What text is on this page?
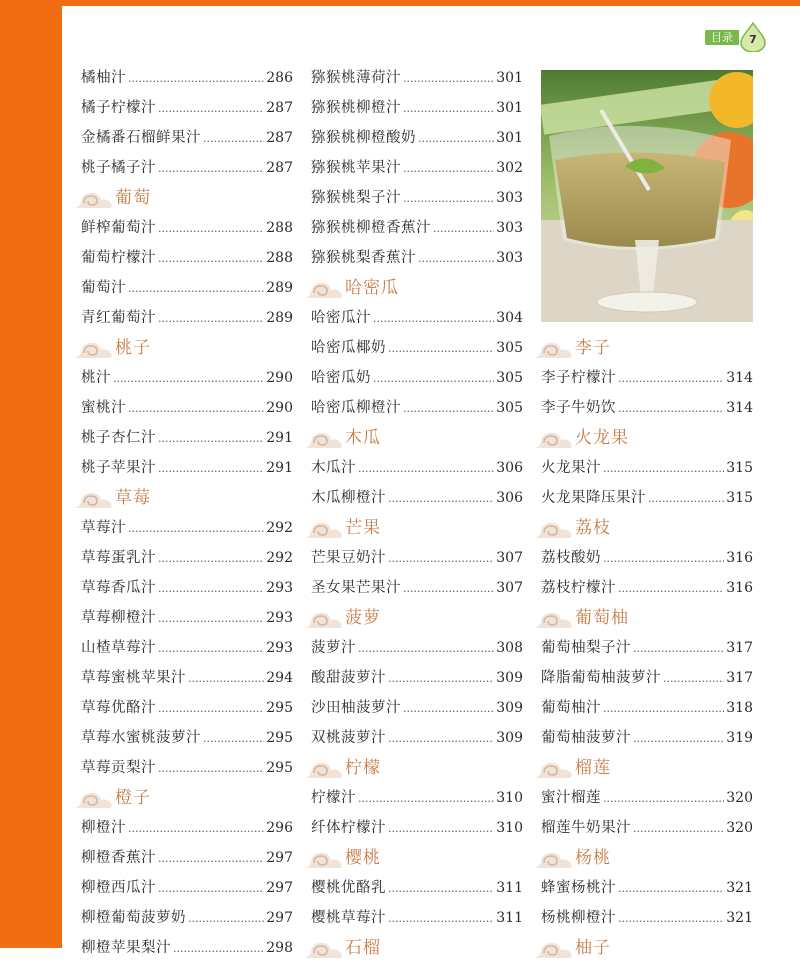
目录	7
橘柚汁 .....	286
橘子柠檬汁 .....	287
金橘番石榴鲜果汁 .....	287
桃子橘子汁 .....	287
葡萄
鲜榨葡萄汁 .....	288
葡萄柠檬汁 .....	288
葡萄汁 .....	289
青红葡萄汁 .....	289
桃子
桃汁 .....	290
蜜桃汁 .....	290
桃子杏仁汁 .....	291
桃子苹果汁 .....	291
草莓
草莓汁 .....	292
草莓蛋乳汁 .....	292
草莓香瓜汁 .....	293
草莓柳橙汁 .....	293
山楂草莓汁 .....	293
草莓蜜桃苹果汁 .....	294
草莓优酪汁 .....	295
草莓水蜜桃菠萝汁 .....	295
草莓贡梨汁 .....	295
橙子
柳橙汁 .....	296
柳橙香蕉汁 .....	297
柳橙西瓜汁 .....	297
柳橙葡萄菠萝奶 .....	297
柳橙苹果梨汁 .....	298
猕猴桃薄荷汁 .....	301
猕猴桃柳橙汁 .....	301
猕猴桃柳橙酸奶 .....	301
猕猴桃苹果汁 .....	302
猕猴桃梨子汁 .....	303
猕猴桃柳橙香蕉汁 .....	303
猕猴桃梨香蕉汁 .....	303
哈密瓜
哈密瓜汁 .....	304
哈密瓜椰奶 .....	305
哈密瓜奶 .....	305
哈密瓜柳橙汁 .....	305
木瓜
木瓜汁 .....	306
木瓜柳橙汁 .....	306
芒果
芒果豆奶汁 .....	307
圣女果芒果汁 .....	307
菠萝
菠萝汁 .....	308
酸甜菠萝汁 .....	309
沙田柚菠萝汁 .....	309
双桃菠萝汁 .....	309
柠檬
柠檬汁 .....	310
纤体柠檬汁 .....	310
樱桃
樱桃优酪乳 .....	311
樱桃草莓汁 .....	311
石榴
李子
李子柠檬汁 .....	314
李子牛奶饮 .....	314
火龙果
火龙果汁 .....	315
火龙果降压果汁 .....	315
荔枝
荔枝酸奶 .....	316
荔枝柠檬汁 .....	316
葡萄柚
葡萄柚梨子汁 .....	317
降脂葡萄柚菠萝汁 .....	317
葡萄柚汁 .....	318
葡萄柚菠萝汁 .....	319
榴莲
蜜汁榴莲 .....	320
榴莲牛奶果汁 .....	320
杨桃
蜂蜜杨桃汁 .....	321
杨桃柳橙汁 .....	321
柚子
